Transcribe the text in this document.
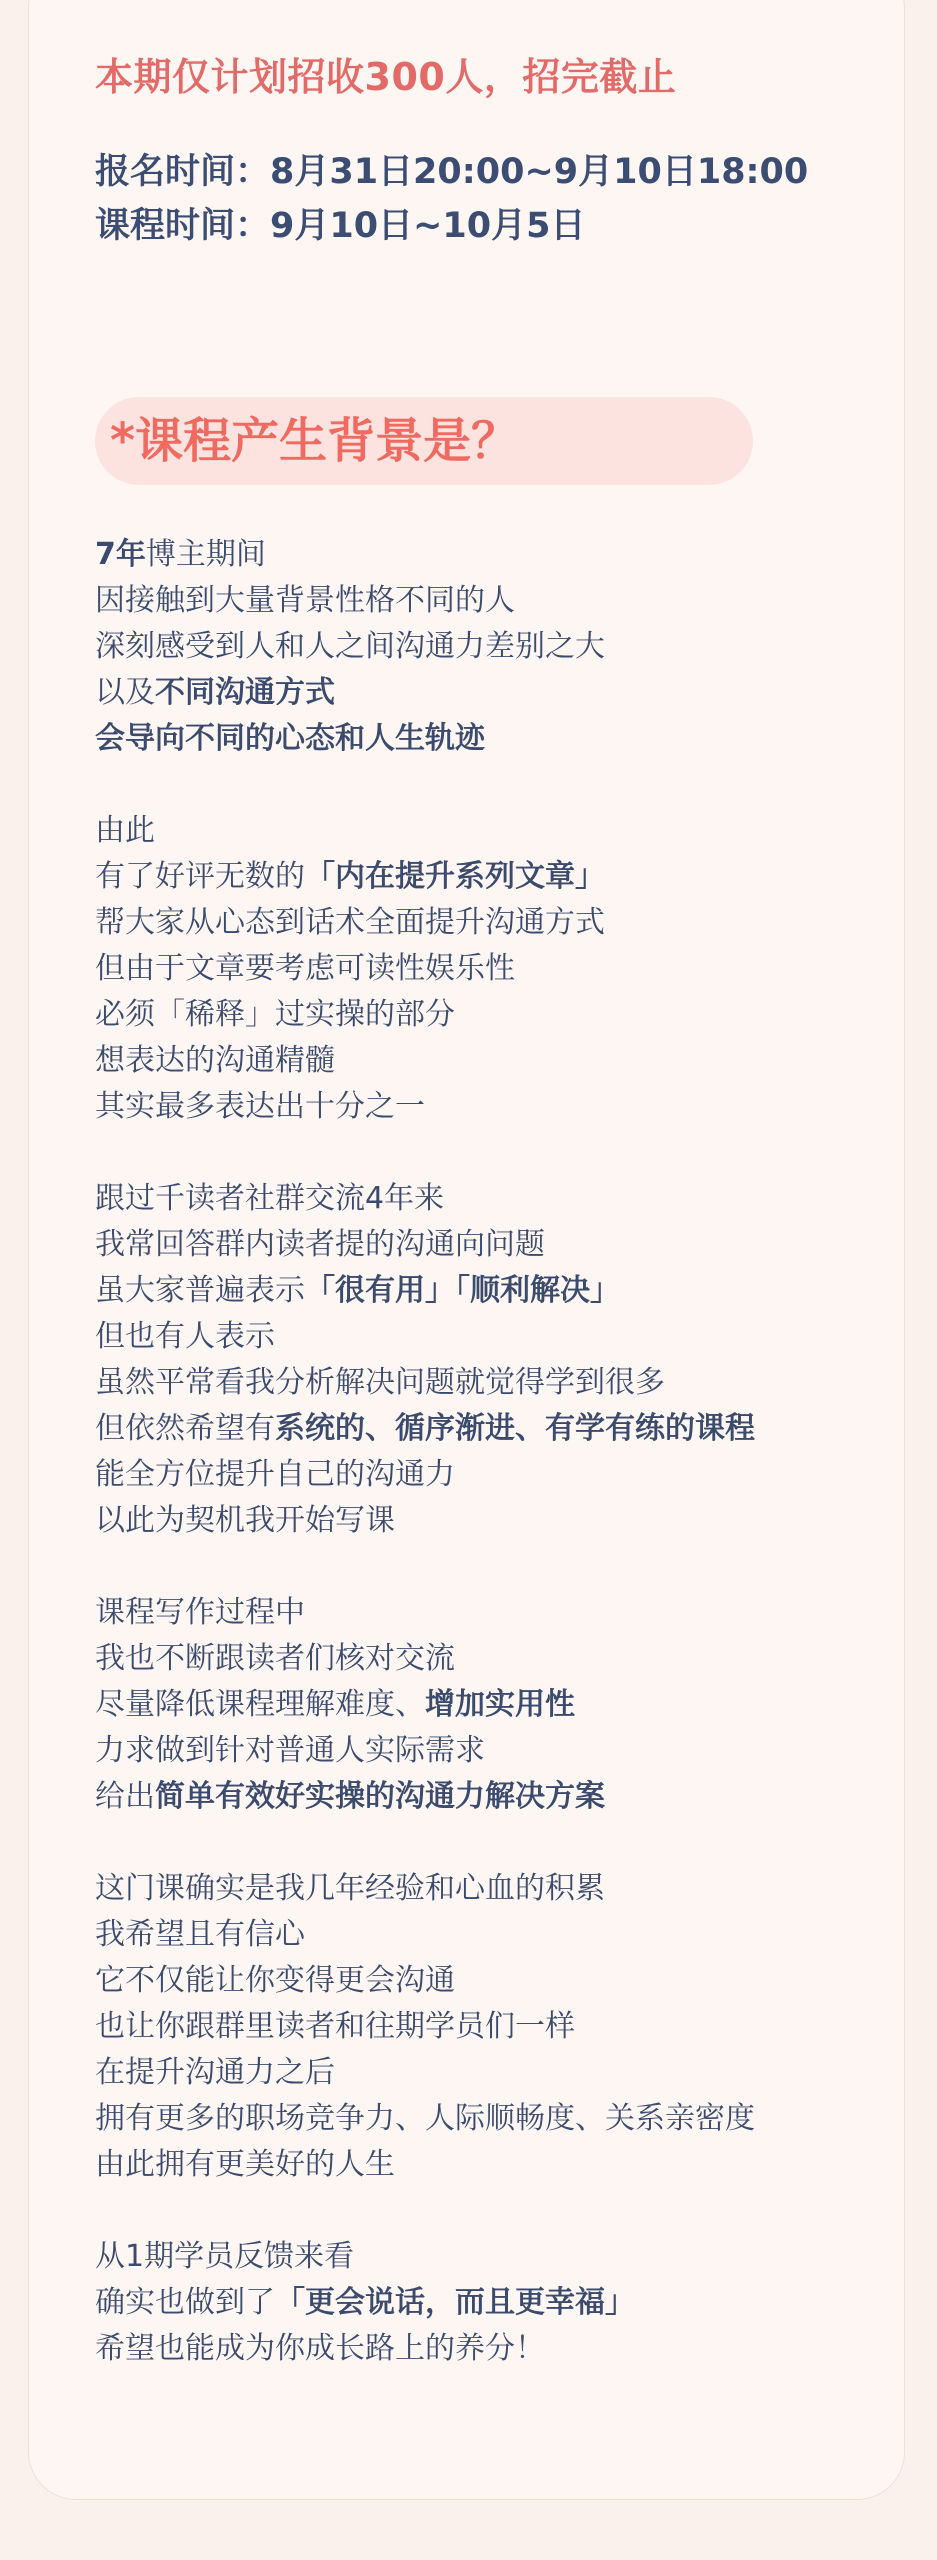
本期仅计划招收300人，招完截止
报名时间：8月31日20:00~9月10日18:00
课程时间：9月10日~10月5日
*课程产生背景是？
7年博主期间
因接触到大量背景性格不同的人
深刻感受到人和人之间沟通力差别之大
以及不同沟通方式
会导向不同的心态和人生轨迹
由此
有了好评无数的「内在提升系列文章」
帮大家从心态到话术全面提升沟通方式
但由于文章要考虑可读性娱乐性
必须「稀释」过实操的部分
想表达的沟通精髓
其实最多表达出十分之一
跟过千读者社群交流4年来
我常回答群内读者提的沟通向问题
虽大家普遍表示「很有用」「顺利解决」
但也有人表示
虽然平常看我分析解决问题就觉得学到很多
但依然希望有系统的、循序渐进、有学有练的课程
能全方位提升自己的沟通力
以此为契机我开始写课
课程写作过程中
我也不断跟读者们核对交流
尽量降低课程理解难度、增加实用性
力求做到针对普通人实际需求
给出简单有效好实操的沟通力解决方案
这门课确实是我几年经验和心血的积累
我希望且有信心
它不仅能让你变得更会沟通
也让你跟群里读者和往期学员们一样
在提升沟通力之后
拥有更多的职场竞争力、人际顺畅度、关系亲密度
由此拥有更美好的人生
从1期学员反馈来看
确实也做到了「更会说话，而且更幸福」
希望也能成为你成长路上的养分！
